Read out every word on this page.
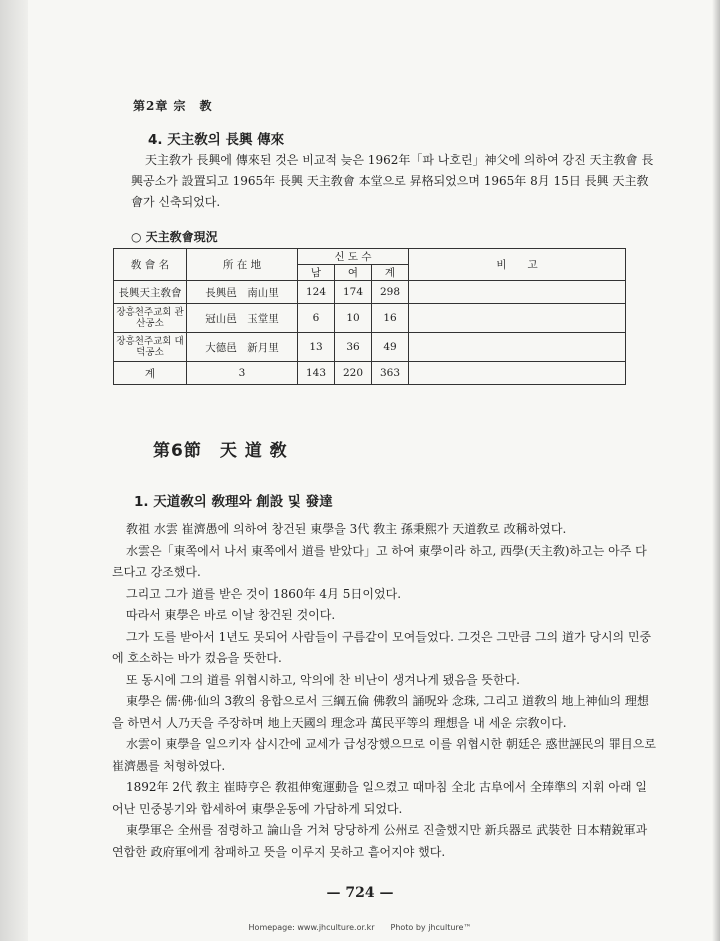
第2章 宗　教
4. 天主敎의 長興 傳來
天主敎가 長興에 傳來된 것은 비교적 늦은 1962年「파 나호린」神父에 의하여 강진 天主敎會 長興공소가 設置되고 1965年 長興 天主敎會 本堂으로 昇格되었으며 1965年 8月 15日 長興 天主敎會가 신축되었다.
○ 天主敎會現況
敎 會 名	所 在 地	신 도 수			비　　고
		남	여	계	
長興天主敎會	長興邑　南山里	124	174	298	
장흥천주교회 관산공소	冠山邑　玉堂里	6	10	16	
장흥천주교회 대덕공소	大德邑　新月里	13	36	49	
계	3	143	220	363	
第6節　天 道 敎
1. 天道敎의 敎理와 創設 및 發達

敎祖 水雲 崔濟愚에 의하여 창건된 東學을 3代 敎主 孫秉熙가 天道敎로 改稱하였다.

水雲은「東쪽에서 나서 東쪽에서 道를 받았다」고 하여 東學이라 하고, 西學(天主敎)하고는 아주 다르다고 강조했다.

그리고 그가 道를 받은 것이 1860年 4月 5日이었다.

따라서 東學은 바로 이날 창건된 것이다.

그가 도를 받아서 1년도 못되어 사람들이 구름같이 모여들었다. 그것은 그만큼 그의 道가 당시의 민중에 호소하는 바가 컸음을 뜻한다.

또 동시에 그의 道를 위협시하고, 악의에 찬 비난이 생겨나게 됐음을 뜻한다.

東學은 儒·佛·仙의 3敎의 융합으로서 三綱五倫 佛敎의 誦呪와 念珠, 그리고 道敎의 地上神仙의 理想을 하면서 人乃天을 주장하며 地上天國의 理念과 萬民平等의 理想을 내 세운 宗敎이다.

水雲이 東學을 일으키자 삽시간에 교세가 급성장했으므로 이를 위협시한 朝廷은 惑世誣民의 罪目으로 崔濟愚를 처형하였다.

1892年 2代 敎主 崔時亨은 敎祖伸寃運動을 일으켰고 때마침 全北 古阜에서 全琫準의 지휘 아래 일어난 민중봉기와 합세하여 東學운동에 가담하게 되었다.

東學軍은 全州를 점령하고 論山을 거쳐 당당하게 公州로 진출했지만 新兵器로 武裝한 日本精銳軍과 연합한 政府軍에게 참패하고 뜻을 이루지 못하고 흩어지야 했다.

— 724 —
Homepage: www.jhculture.or.kr　　Photo by jhculture™
